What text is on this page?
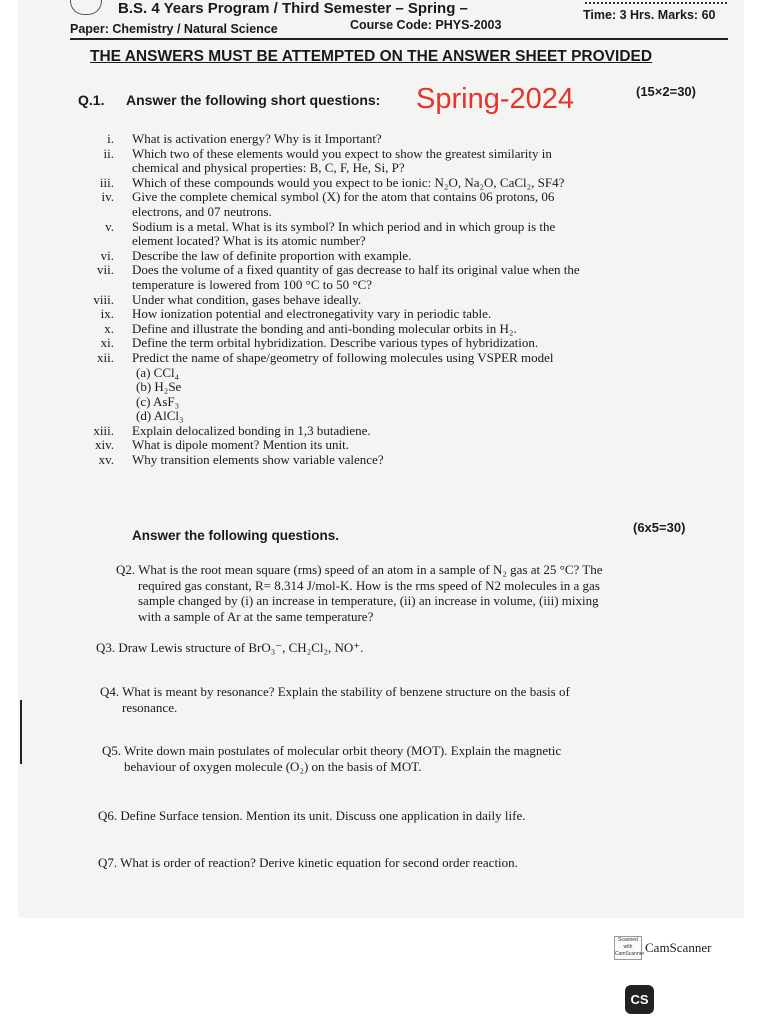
B.S. 4 Years Program / Third Semester – Spring –	Time: 3 Hrs. Marks: 60
Paper: Chemistry / Natural Science	Course Code: PHYS-2003
THE ANSWERS MUST BE ATTEMPTED ON THE ANSWER SHEET PROVIDED
Q.1. Answer the following short questions: Spring-2024	(15×2=30)
i.	What is activation energy? Why is it Important?
ii.	Which two of these elements would you expect to show the greatest similarity in
chemical and physical properties: B, C, F, He, Si, P?
iii.	Which of these compounds would you expect to be ionic: N₂O, Na₂O, CaCl₂, SF4?
iv.	Give the complete chemical symbol (X) for the atom that contains 06 protons, 06
electrons, and 07 neutrons.
v.	Sodium is a metal. What is its symbol? In which period and in which group is the
element located? What is its atomic number?
vi.	Describe the law of definite proportion with example.
vii.	Does the volume of a fixed quantity of gas decrease to half its original value when the
temperature is lowered from 100 °C to 50 °C?
viii.	Under what condition, gases behave ideally.
ix.	How ionization potential and electronegativity vary in periodic table.
x.	Define and illustrate the bonding and anti-bonding molecular orbits in H₂.
xi.	Define the term orbital hybridization. Describe various types of hybridization.
xii.	Predict the name of shape/geometry of following molecules using VSPER model
(a) CCl₄
(b) H₂Se
(c) AsF₃
(d) AlCl₃
xiii.	Explain delocalized bonding in 1,3 butadiene.
xiv.	What is dipole moment? Mention its unit.
xv.	Why transition elements show variable valence?
Answer the following questions.
(6x5=30)
Q2. What is the root mean square (rms) speed of an atom in a sample of N₂ gas at 25 °C? The
required gas constant, R= 8.314 J/mol-K. How is the rms speed of N2 molecules in a gas
sample changed by (i) an increase in temperature, (ii) an increase in volume, (iii) mixing
with a sample of Ar at the same temperature?
Q3. Draw Lewis structure of BrO₃⁻, CH₂Cl₂, NO⁺.
Q4. What is meant by resonance? Explain the stability of benzene structure on the basis of
resonance.
Q5. Write down main postulates of molecular orbit theory (MOT). Explain the magnetic
behaviour of oxygen molecule (O₂) on the basis of MOT.
Q6. Define Surface tension. Mention its unit. Discuss one application in daily life.
Q7. What is order of reaction? Derive kinetic equation for second order reaction.
Scanned with CamScanner CamScanner
CS
